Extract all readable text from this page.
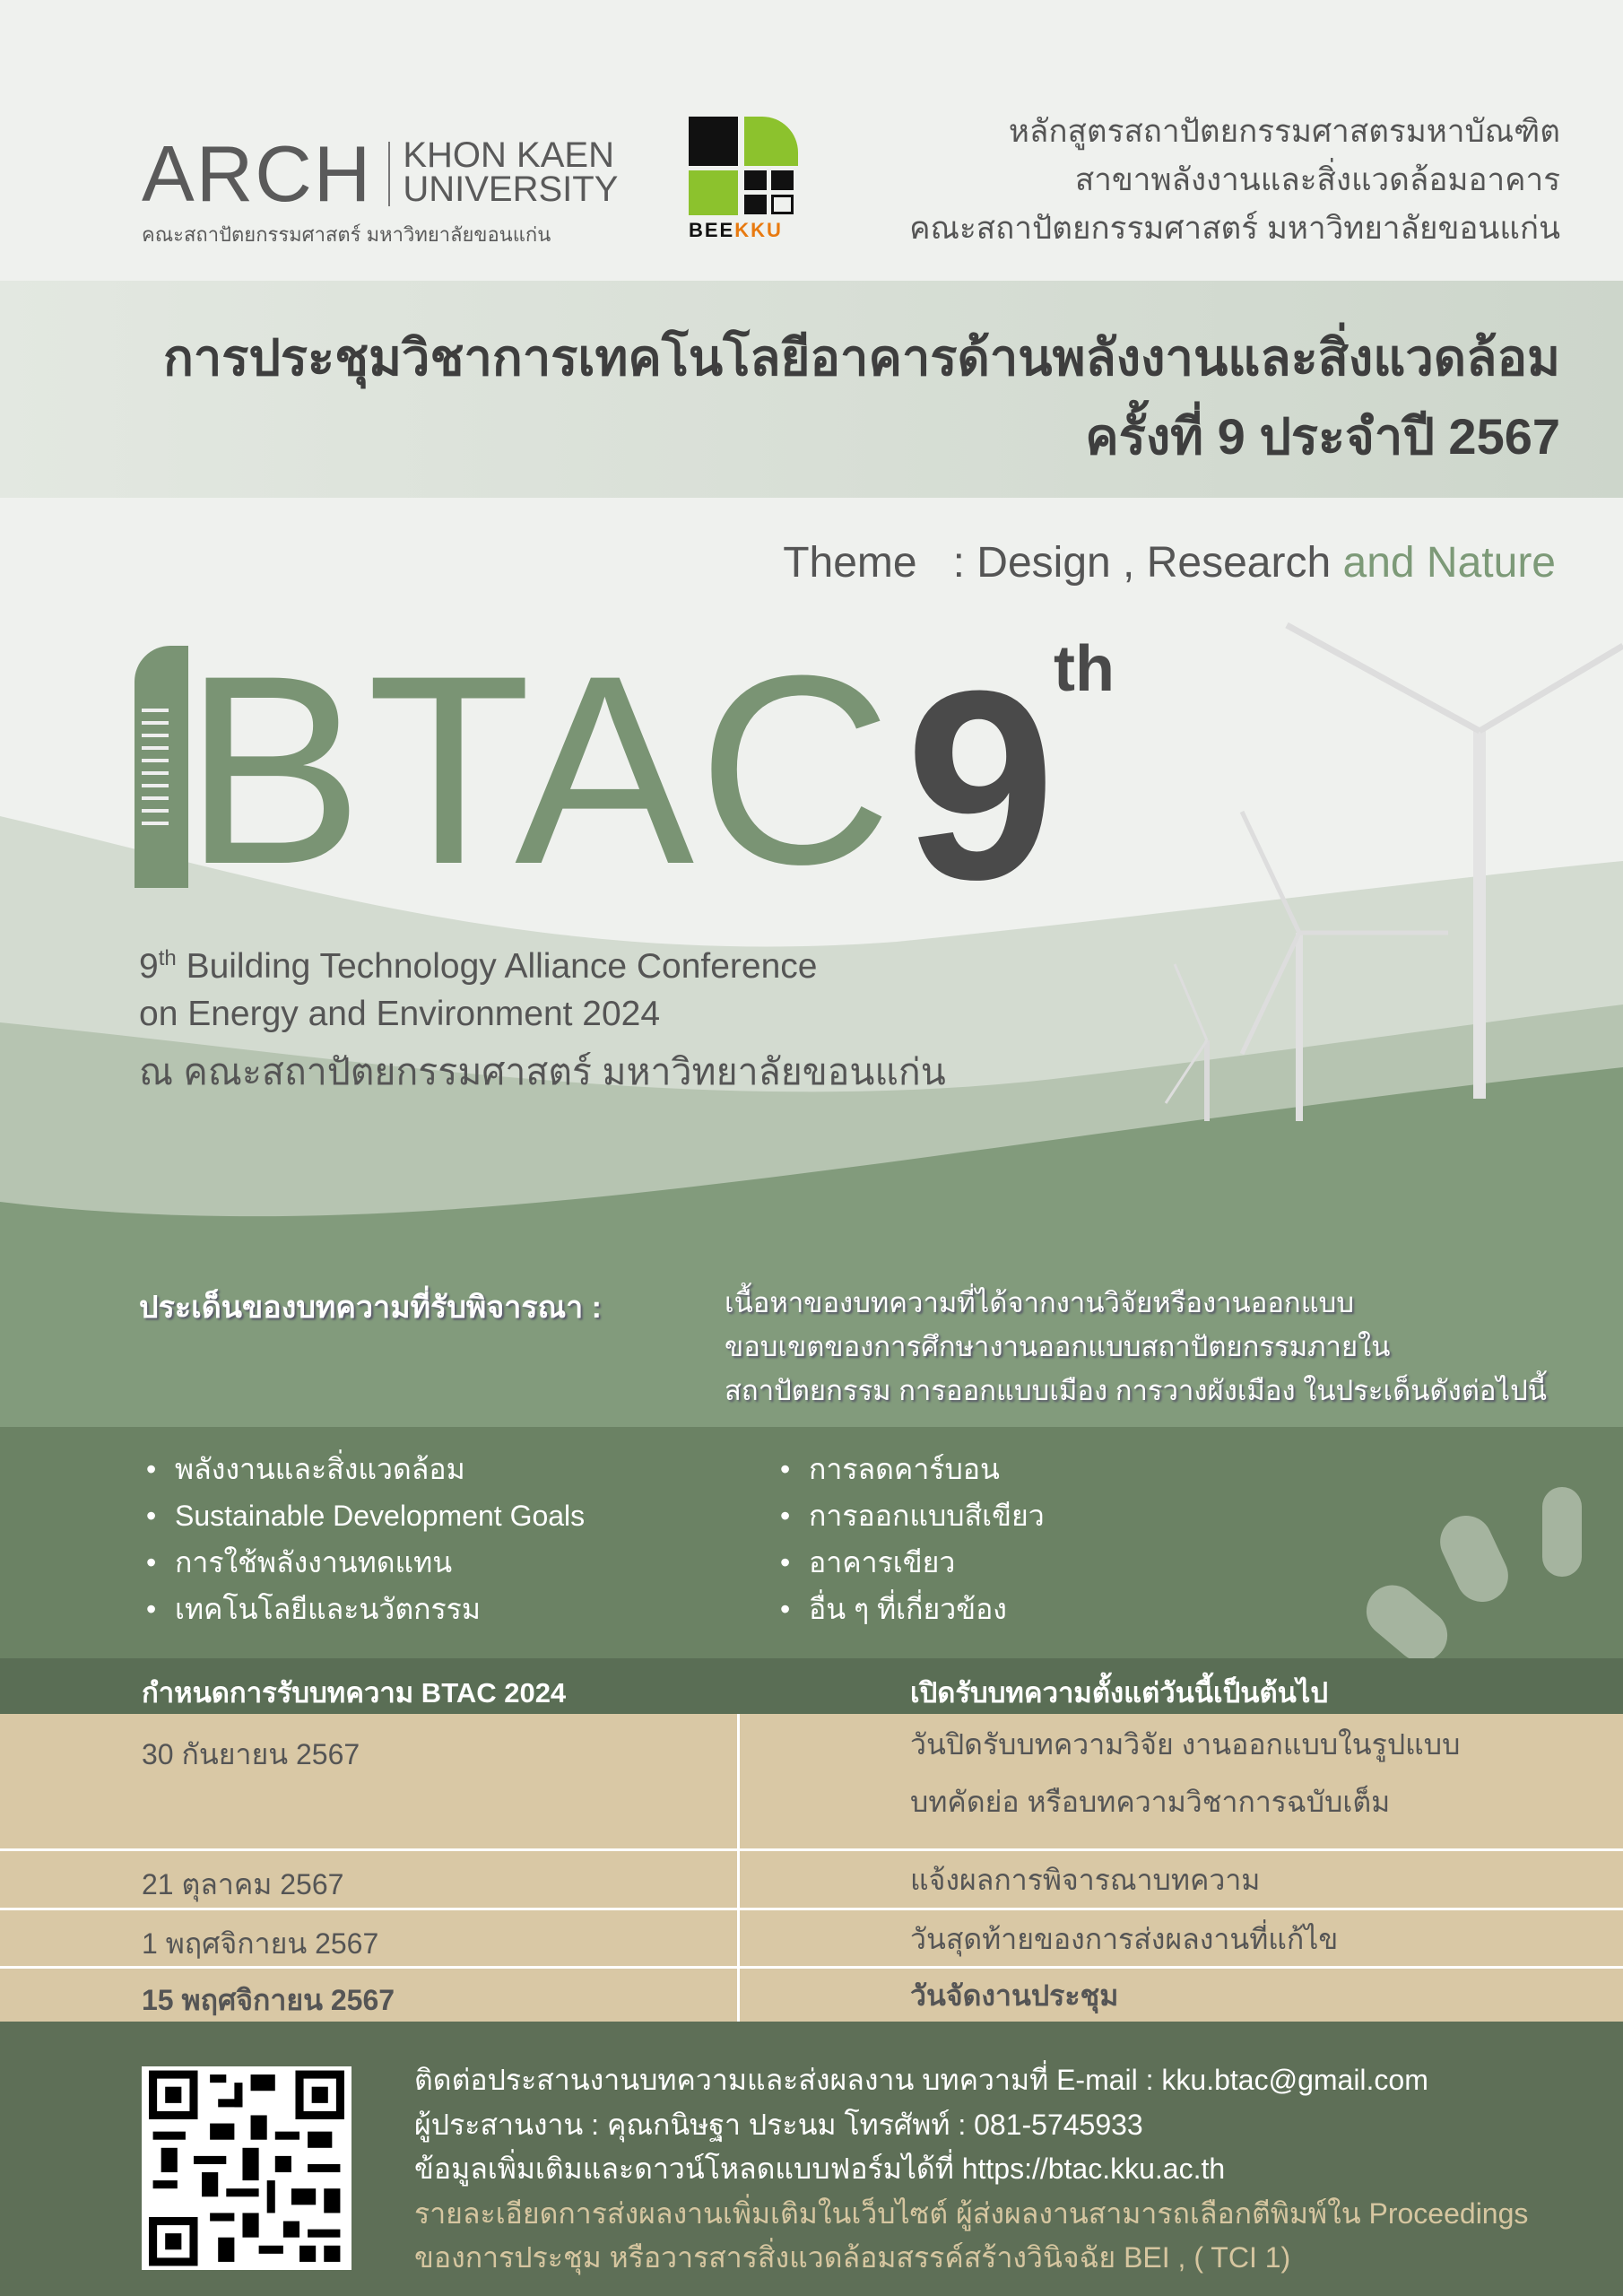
ARCH KHON KAEN
UNIVERSITY
คณะสถาปัตยกรรมศาสตร์ มหาวิทยาลัยขอนแก่น	BEEKKU
หลักสูตรสถาปัตยกรรมศาสตรมหาบัณฑิต
สาขาพลังงานและสิ่งแวดล้อมอาคาร
คณะสถาปัตยกรรมศาสตร์ มหาวิทยาลัยขอนแก่น
การประชุมวิชาการเทคโนโลยีอาคารด้านพลังงานและสิ่งแวดล้อม
ครั้งที่ 9 ประจำปี 2567
Theme : Design , Research and Nature
BTAC 9
th
9th Building Technology Alliance Conference
on Energy and Environment 2024
ณ คณะสถาปัตยกรรมศาสตร์ มหาวิทยาลัยขอนแก่น
ประเด็นของบทความที่รับพิจารณา :	เนื้อหาของบทความที่ได้จากงานวิจัยหรืองานออกแบบ
ขอบเขตของการศึกษางานออกแบบสถาปัตยกรรมภายใน
สถาปัตยกรรม การออกแบบเมือง การวางผังเมือง ในประเด็นดังต่อไปนี้
• พลังงานและสิ่งแวดล้อม
• Sustainable Development Goals
• การใช้พลังงานทดแทน
• เทคโนโลยีและนวัตกรรม
• การลดคาร์บอน
• การออกแบบสีเขียว
• อาคารเขียว
• อื่น ๆ ที่เกี่ยวข้อง
กำหนดการรับบทความ BTAC 2024	เปิดรับบทความตั้งแต่วันนี้เป็นต้นไป
30 กันยายน 2567	วันปิดรับบทความวิจัย งานออกแบบในรูปแบบ
บทคัดย่อ หรือบทความวิชาการฉบับเต็ม
21 ตุลาคม 2567	แจ้งผลการพิจารณาบทความ
1 พฤศจิกายน 2567	วันสุดท้ายของการส่งผลงานที่แก้ไข
15 พฤศจิกายน 2567	วันจัดงานประชุม
ติดต่อประสานงานบทความและส่งผลงาน บทความที่ E-mail : kku.btac@gmail.com
ผู้ประสานงาน : คุณกนิษฐา ประนม โทรศัพท์ : 081-5745933
ข้อมูลเพิ่มเติมและดาวน์โหลดแบบฟอร์มได้ที่ https://btac.kku.ac.th
รายละเอียดการส่งผลงานเพิ่มเติมในเว็บไซต์ ผู้ส่งผลงานสามารถเลือกตีพิมพ์ใน Proceedings
ของการประชุม หรือวารสารสิ่งแวดล้อมสรรค์สร้างวินิจฉัย BEI , ( TCI 1)
